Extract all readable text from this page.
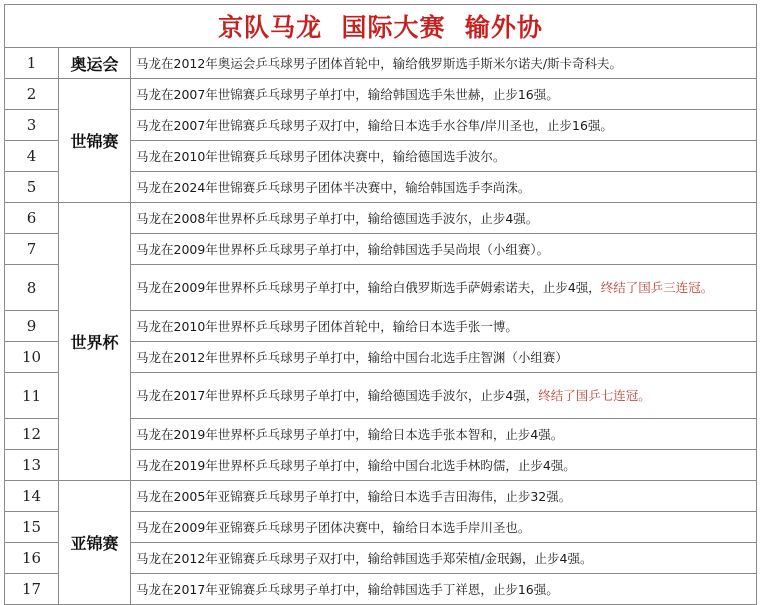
京队马龙  国际大赛  输外协		
1	奥运会	马龙在2012年奥运会乒乓球男子团体首轮中，输给俄罗斯选手斯米尔诺夫/斯卡奇科夫。
2	世锦赛	马龙在2007年世锦赛乒乓球男子单打中，输给韩国选手朱世赫，止步16强。
3		马龙在2007年世锦赛乒乓球男子双打中，输给日本选手水谷隼/岸川圣也，止步16强。
4		马龙在2010年世锦赛乒乓球男子团体决赛中，输给德国选手波尔。
5		马龙在2024年世锦赛乒乓球男子团体半决赛中，输给韩国选手李尚洙。
6	世界杯	马龙在2008年世界杯乒乓球男子单打中，输给德国选手波尔，止步4强。
7		马龙在2009年世界杯乒乓球男子单打中，输给韩国选手吴尚垠（小组赛）。
8		马龙在2009年世界杯乒乓球男子单打中，输给白俄罗斯选手萨姆索诺夫，止步4强，终结了国乒三连冠。
9		马龙在2010年世界杯乒乓球男子团体首轮中，输给日本选手张一博。
10		马龙在2012年世界杯乒乓球男子单打中，输给中国台北选手庄智渊（小组赛）
11		马龙在2017年世界杯乒乓球男子单打中，输给德国选手波尔，止步4强，终结了国乒七连冠。
12		马龙在2019年世界杯乒乓球男子单打中，输给日本选手张本智和，止步4强。
13		马龙在2019年世界杯乒乓球男子单打中，输给中国台北选手林昀儒，止步4强。
14	亚锦赛	马龙在2005年亚锦赛乒乓球男子单打中，输给日本选手吉田海伟，止步32强。
15		马龙在2009年亚锦赛乒乓球男子团体决赛中，输给日本选手岸川圣也。
16		马龙在2012年亚锦赛乒乓球男子双打中，输给韩国选手郑荣植/金珉錫，止步4强。
17		马龙在2017年亚锦赛乒乓球男子单打中，输给韩国选手丁祥恩，止步16强。
